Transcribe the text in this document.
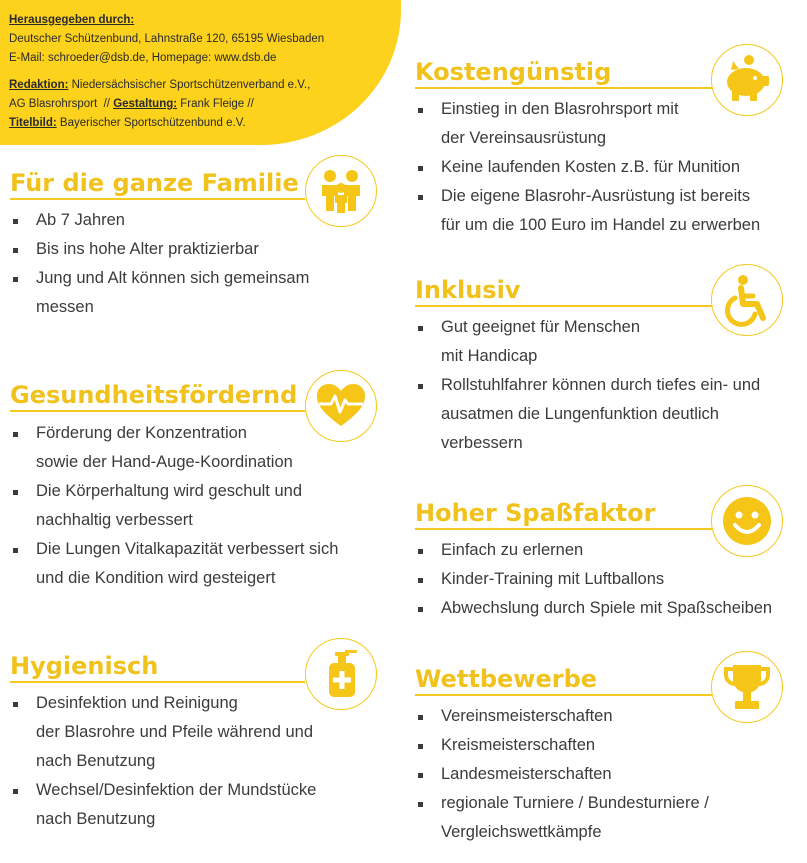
Herausgegeben durch:
Deutscher Schützenbund, Lahnstraße 120, 65195 Wiesbaden
E-Mail: schroeder@dsb.de, Homepage: www.dsb.de
Redaktion: Niedersächsischer Sportschützenverband e.V.,
AG Blasrohrsport // Gestaltung: Frank Fleige //
Titelbild: Bayerischer Sportschützenbund e.V.
Für die ganze Familie
Ab 7 Jahren
Bis ins hohe Alter praktizierbar
Jung und Alt können sich gemeinsam
messen
Gesundheitsfördernd
Förderung der Konzentration
sowie der Hand-Auge-Koordination
Die Körperhaltung wird geschult und
nachhaltig verbessert
Die Lungen Vitalkapazität verbessert sich
und die Kondition wird gesteigert
Hygienisch
Desinfektion und Reinigung
der Blasrohre und Pfeile während und
nach Benutzung
Wechsel/Desinfektion der Mundstücke
nach Benutzung
Kostengünstig
Einstieg in den Blasrohrsport mit
der Vereinsausrüstung
Keine laufenden Kosten z.B. für Munition
Die eigene Blasrohr-Ausrüstung ist bereits
für um die 100 Euro im Handel zu erwerben
Inklusiv
Gut geeignet für Menschen
mit Handicap
Rollstuhlfahrer können durch tiefes ein- und
ausatmen die Lungenfunktion deutlich
verbessern
Hoher Spaßfaktor
Einfach zu erlernen
Kinder-Training mit Luftballons
Abwechslung durch Spiele mit Spaßscheiben
Wettbewerbe
Vereinsmeisterschaften
Kreismeisterschaften
Landesmeisterschaften
regionale Turniere / Bundesturniere /
Vergleichswettkämpfe
